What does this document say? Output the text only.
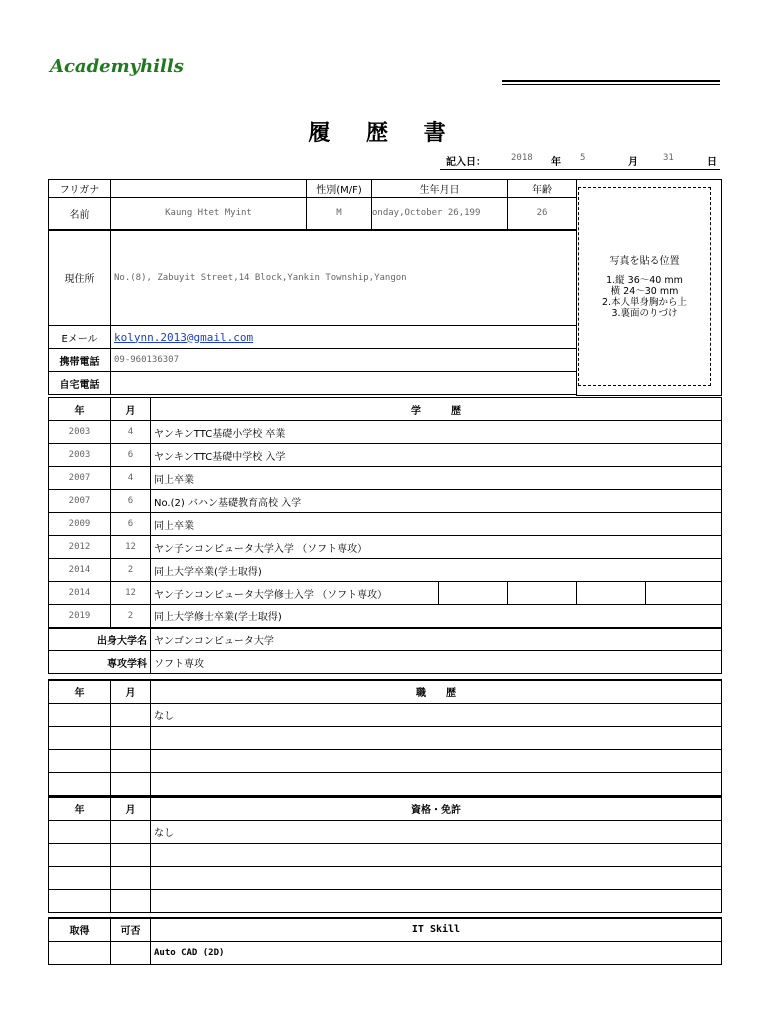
Academyhills
履 歴 書
記入日：	2018 年 5	月	31	日
フリガナ		性別(M/F)	生年月日	年齢	
名前	Kaung Htet Myint	M	onday,October 26,199	26	
現住所	No.(8), Zabuyit Street,14 Block,Yankin Township,Yangon				
Eメール	kolynn.2013@gmail.com				
携帯電話	09-960136307				
自宅電話					

写真を貼る位置
1.縦 36～40 mm
横 24～30 mm
2.本人単身胸から上
3.裏面のりづけ
年	月	学　　　歴				
2003	4	ヤンキンTTC基礎小学校 卒業				
2003	6	ヤンキンTTC基礎中学校 入学				
2007	4	同上卒業				
2007	6	No.(2) バハン基礎教育高校 入学				
2009	6	同上卒業				
2012	12	ヤン子ンコンピュータ大学入学 （ソフト専攻）				
2014	2	同上大学卒業(学士取得)				
2014	12	ヤン子ンコンピュータ大学修士入学 （ソフト専攻）				
2019	2	同上大学修士卒業(学士取得)				
出身大学名		ヤンゴンコンピュータ大学				
専攻学科		ソフト専攻				
年	月	職　　歴
		なし

年	月	資格・免許
		なし

取得	可否	IT Skill
		Auto CAD (2D)
